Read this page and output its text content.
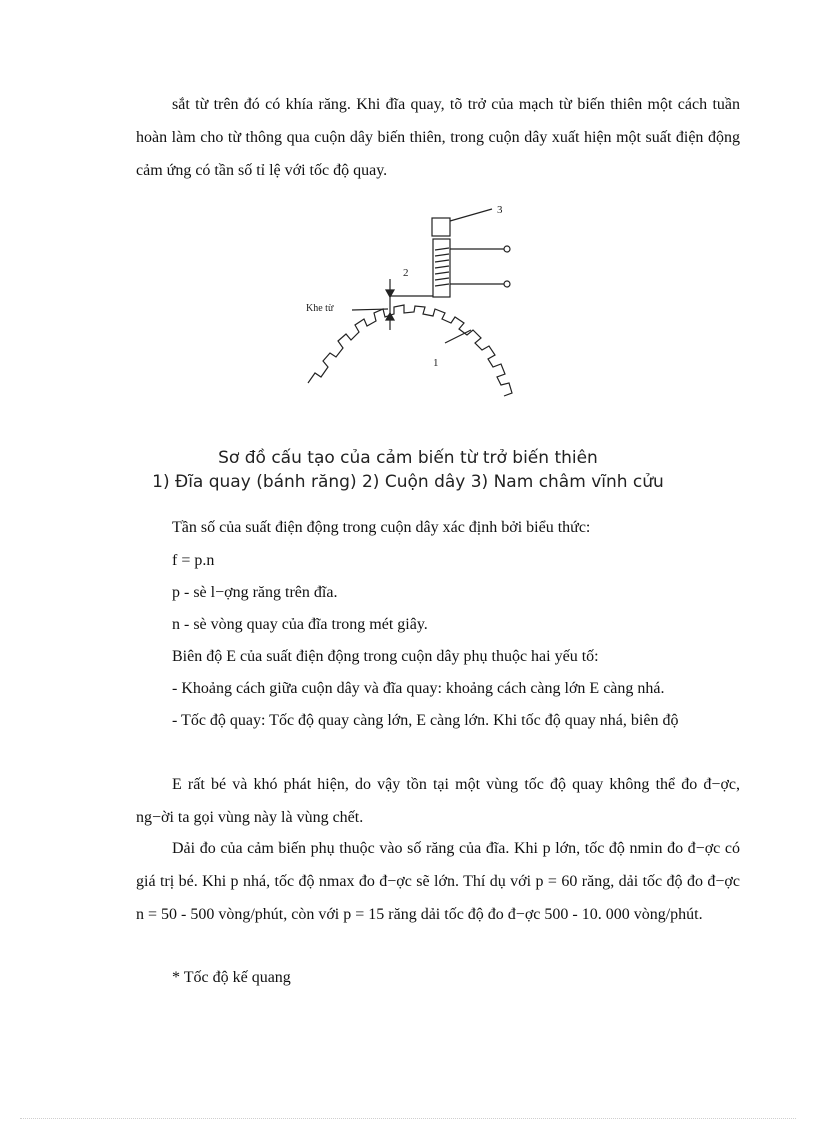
sắt từ trên đó có khía răng. Khi đĩa quay, tõ trở của mạch từ biến thiên một cách tuần hoàn làm cho từ thông qua cuộn dây biến thiên, trong cuộn dây xuất hiện một suất điện động cảm ứng có tần số tỉ lệ với tốc độ quay.
3
2
1
Khe từ
Sơ đồ cấu tạo của cảm biến từ trở biến thiên
1) Đĩa quay (bánh răng) 2) Cuộn dây 3) Nam châm vĩnh cửu
Tần số của suất điện động trong cuộn dây xác định bởi biểu thức:
f = p.n
p - sè l−ợng răng trên đĩa.
n - sè vòng quay của đĩa trong mét giây.
Biên độ E của suất điện động trong cuộn dây phụ thuộc hai yếu tố:
- Khoảng cách giữa cuộn dây và đĩa quay: khoảng cách càng lớn E càng nhá.
- Tốc độ quay: Tốc độ quay càng lớn, E càng lớn. Khi tốc độ quay nhá, biên độ
E rất bé và khó phát hiện, do vậy tồn tại một vùng tốc độ quay không thể đo đ−ợc, ng−ời ta gọi vùng này là vùng chết.
Dải đo của cảm biến phụ thuộc vào số răng của đĩa. Khi p lớn, tốc độ nmin đo đ−ợc có giá trị bé. Khi p nhá, tốc độ nmax đo đ−ợc sẽ lớn. Thí dụ với p = 60 răng, dải tốc độ đo đ−ợc n = 50 - 500 vòng/phút, còn với p = 15 răng dải tốc độ đo đ−ợc 500 - 10. 000 vòng/phút.
* Tốc độ kế quang
